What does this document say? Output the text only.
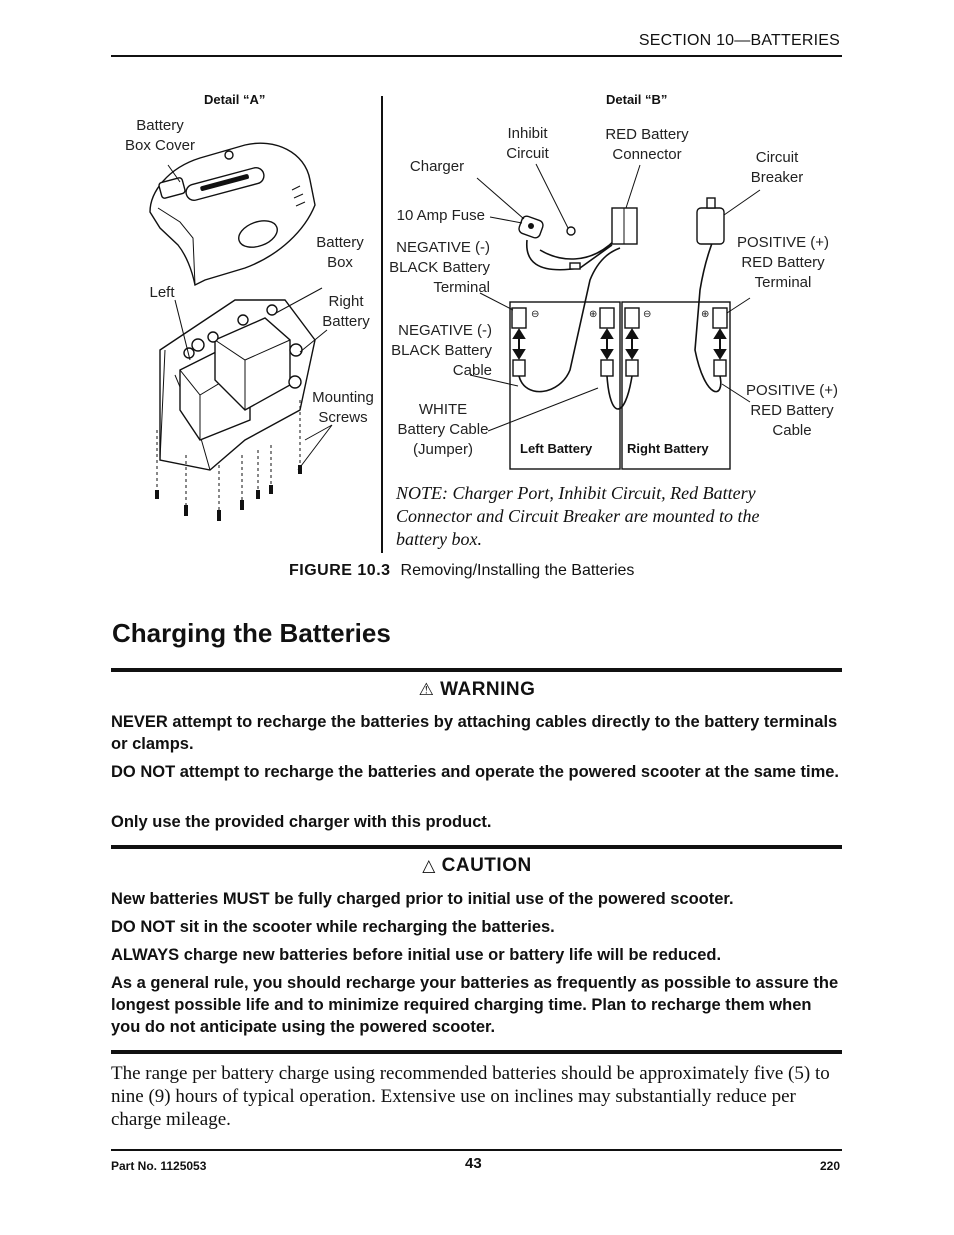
SECTION 10—BATTERIES
⊖	⊕	⊖	⊕
Detail “A”
Battery
Box Cover
Battery
Box
Left
Right
Battery
Mounting
Screws
Detail “B”
Charger
Inhibit
Circuit
RED Battery
Connector	Circuit
Breaker
10 Amp Fuse
NEGATIVE (-)
BLACK Battery
Terminal
POSITIVE (+)
RED Battery
Terminal
NEGATIVE (-)
BLACK Battery
Cable
POSITIVE (+)
RED Battery
Cable
WHITE
Battery Cable
(Jumper)	Left Battery	Right Battery
NOTE: Charger Port, Inhibit Circuit, Red Battery Connector and Circuit Breaker are mounted to the battery box.
FIGURE 10.3 Removing/Installing the Batteries
Charging the Batteries
⚠ WARNING
NEVER attempt to recharge the batteries by attaching cables directly to the battery terminals or clamps.
DO NOT attempt to recharge the batteries and operate the powered scooter at the same time.
Only use the provided charger with this product.
△ CAUTION
New batteries MUST be fully charged prior to initial use of the powered scooter.
DO NOT sit in the scooter while recharging the batteries.
ALWAYS charge new batteries before initial use or battery life will be reduced.
As a general rule, you should recharge your batteries as frequently as possible to assure the longest possible life and to minimize required charging time. Plan to recharge them when you do not anticipate using the powered scooter.
The range per battery charge using recommended batteries should be approximately five (5) to nine (9) hours of typical operation. Extensive use on inclines may substantially reduce per charge mileage.
Part No. 1125053	43	220
